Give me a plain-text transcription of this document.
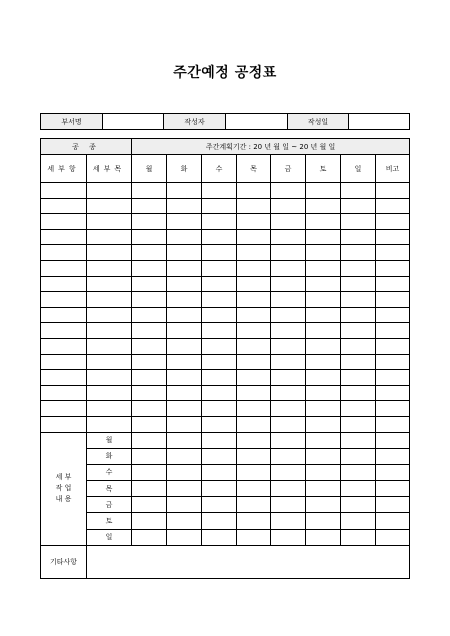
주간예정 공정표
부서명		작성자		작성일	
공 종		주간계획기간 : 20 년 월 일 ~ 20 년 월 일							
세부항	세부목	월	화	수	목	금	토	일	비고

세 부
작 업
내 용	월								
	화								
	수								
	목								
	금								
	토								
	일								
기타사항									
